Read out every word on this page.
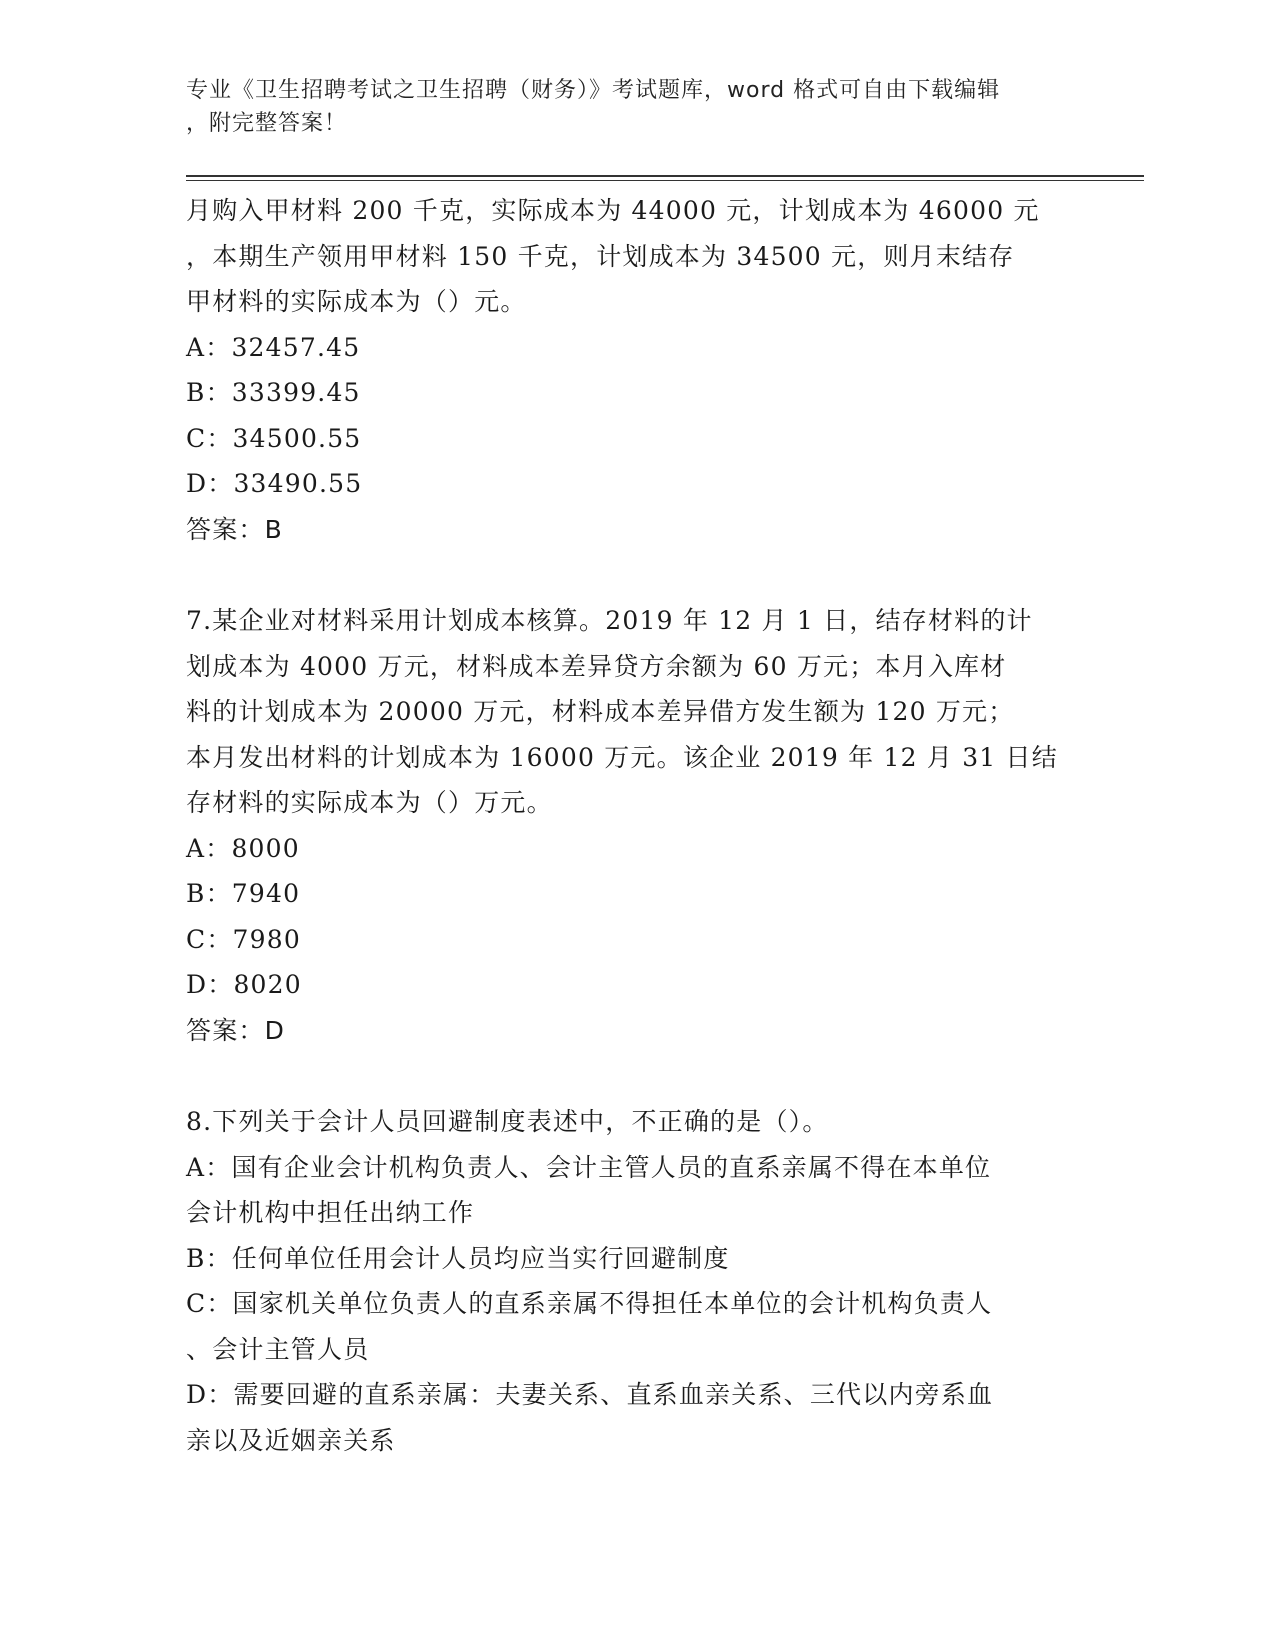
专业《卫生招聘考试之卫生招聘（财务）》考试题库，word 格式可自由下载编辑
，附完整答案！
月购入甲材料 200 千克，实际成本为 44000 元，计划成本为 46000 元
，本期生产领用甲材料 150 千克，计划成本为 34500 元，则月末结存
甲材料的实际成本为（）元。
A：32457.45
B：33399.45
C：34500.55
D：33490.55
答案：B
7.某企业对材料采用计划成本核算。2019 年 12 月 1 日，结存材料的计
划成本为 4000 万元，材料成本差异贷方余额为 60 万元；本月入库材
料的计划成本为 20000 万元，材料成本差异借方发生额为 120 万元；
本月发出材料的计划成本为 16000 万元。该企业 2019 年 12 月 31 日结
存材料的实际成本为（）万元。
A：8000
B：7940
C：7980
D：8020
答案：D
8.下列关于会计人员回避制度表述中，不正确的是（）。
A：国有企业会计机构负责人、会计主管人员的直系亲属不得在本单位
会计机构中担任出纳工作
B：任何单位任用会计人员均应当实行回避制度
C：国家机关单位负责人的直系亲属不得担任本单位的会计机构负责人
、会计主管人员
D：需要回避的直系亲属：夫妻关系、直系血亲关系、三代以内旁系血
亲以及近姻亲关系
